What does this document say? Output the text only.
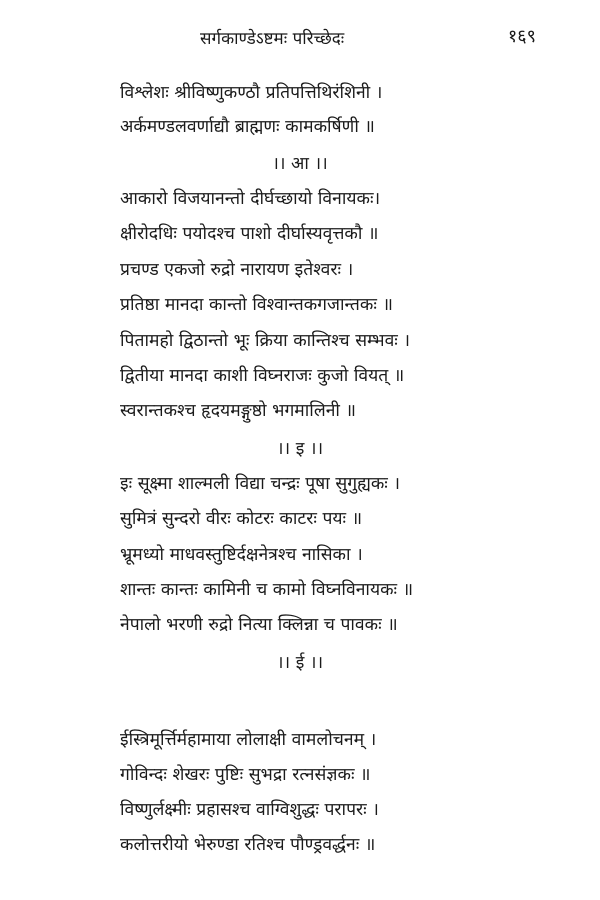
सर्गकाण्डेऽष्टमः परिच्छेदः	१६९
विश्लेशः श्रीविष्णुकण्ठौ प्रतिपत्तिथिरंशिनी ।
अर्कमण्डलवर्णाद्यौ ब्राह्मणः कामकर्षिणी ॥
।। आ ।।
आकारो विजयानन्तो दीर्घच्छायो विनायकः।
क्षीरोदधिः पयोदश्च पाशो दीर्घास्यवृत्तकौ ॥
प्रचण्ड एकजो रुद्रो नारायण इतेश्वरः ।
प्रतिष्ठा मानदा कान्तो विश्वान्तकगजान्तकः ॥
पितामहो द्विठान्तो भूः क्रिया कान्तिश्च सम्भवः ।
द्वितीया मानदा काशी विघ्नराजः कुजो वियत् ॥
स्वरान्तकश्च हृदयमङ्गुष्ठो भगमालिनी ॥
।। इ ।।
इः सूक्ष्मा शाल्मली विद्या चन्द्रः पूषा सुगुह्यकः ।
सुमित्रं सुन्दरो वीरः कोटरः काटरः पयः ॥
भ्रूमध्यो माधवस्तुष्टिर्दक्षनेत्रश्च नासिका ।
शान्तः कान्तः कामिनी च कामो विघ्नविनायकः ॥
नेपालो भरणी रुद्रो नित्या क्लिन्ना च पावकः ॥
।। ई ।।
ईस्त्रिमूर्त्तिर्महामाया लोलाक्षी वामलोचनम् ।
गोविन्दः शेखरः पुष्टिः सुभद्रा रत्नसंज्ञकः ॥
विष्णुर्लक्ष्मीः प्रहासश्च वाग्विशुद्धः परापरः ।
कलोत्तरीयो भेरुण्डा रतिश्च पौण्ड्रवर्द्धनः ॥
